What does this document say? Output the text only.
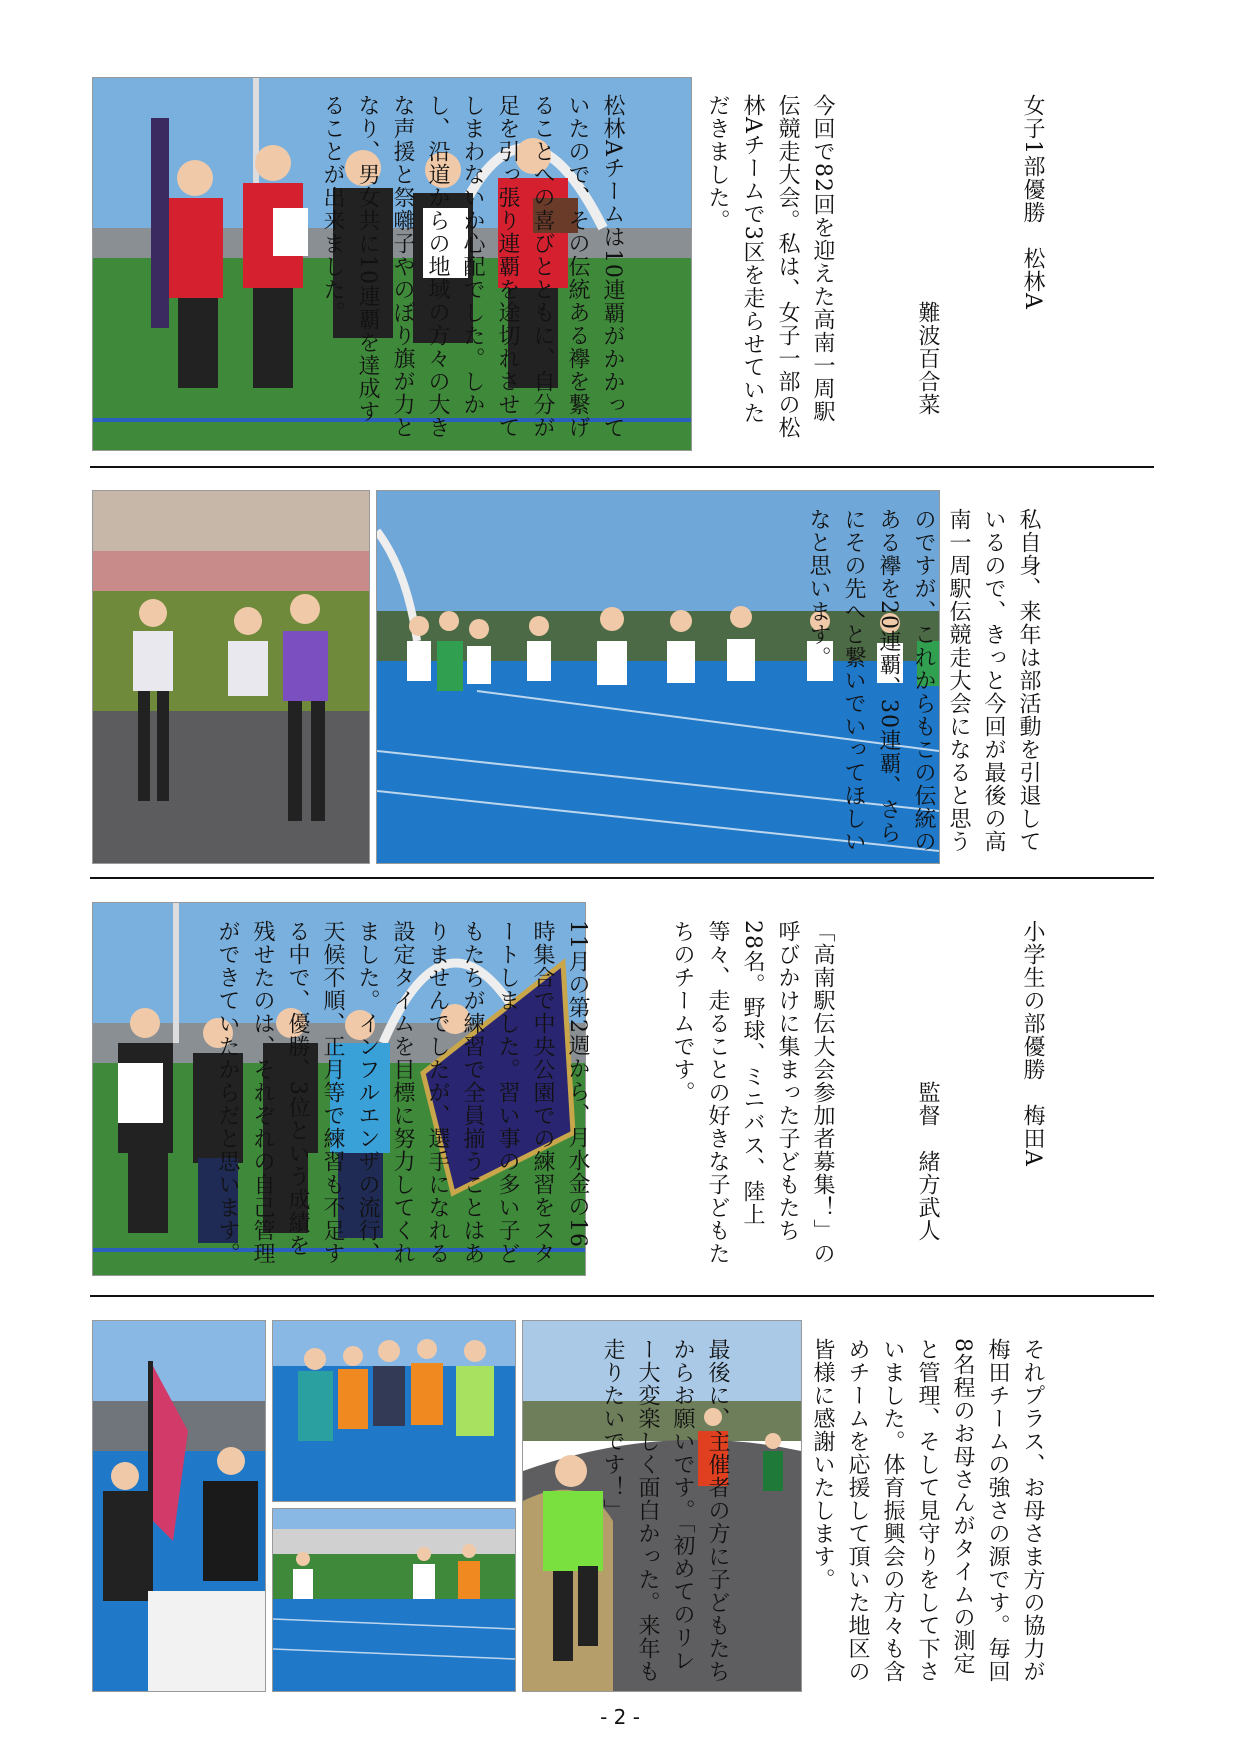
女子1部優勝　松林A

　　　　　　　　　難波百合菜

今回で82回を迎えた高南一周駅伝競走大会。私は、女子一部の松林Aチームで3区を走らせていただきました。

松林Aチームは10連覇がかかっていたので、その伝統ある襷を繋げることへの喜びとともに、自分が足を引っ張り連覇を途切れさせてしまわないか心配でした。しかし、沿道からの地域の方々の大きな声援と祭囃子やのぼり旗が力となり、男女共に10連覇を達成することが出来ました。

私自身、来年は部活動を引退しているので、きっと今回が最後の高南一周駅伝競走大会になると思うのですが、これからもこの伝統のある襷を20連覇、30連覇、さらにその先へと繋いでいってほしいなと思います。

小学生の部優勝　梅田A

　　　　　　　監督　緒方武人

「高南駅伝大会参加者募集！」の呼びかけに集まった子どもたち28名。野球、ミニバス、陸上等々、走ることの好きな子どもたちのチームです。

11月の第2週から、月水金の16時集合で中央公園での練習をスタートしました。習い事の多い子どもたちが練習で全員揃うことはありませんでしたが、選手になれる設定タイムを目標に努力してくれました。インフルエンザの流行、天候不順、正月等で練習も不足する中で、優勝、3位という成績を残せたのは、それぞれの自己管理ができていたからだと思います。

それプラス、お母さま方の協力が梅田チームの強さの源です。毎回8名程のお母さんがタイムの測定と管理、そして見守りをして下さいました。体育振興会の方々も含めチームを応援して頂いた地区の皆様に感謝いたします。

最後に、主催者の方に子どもたちからお願いです。「初めてのリレー大変楽しく面白かった。来年も走りたいです！」

- 2 -
